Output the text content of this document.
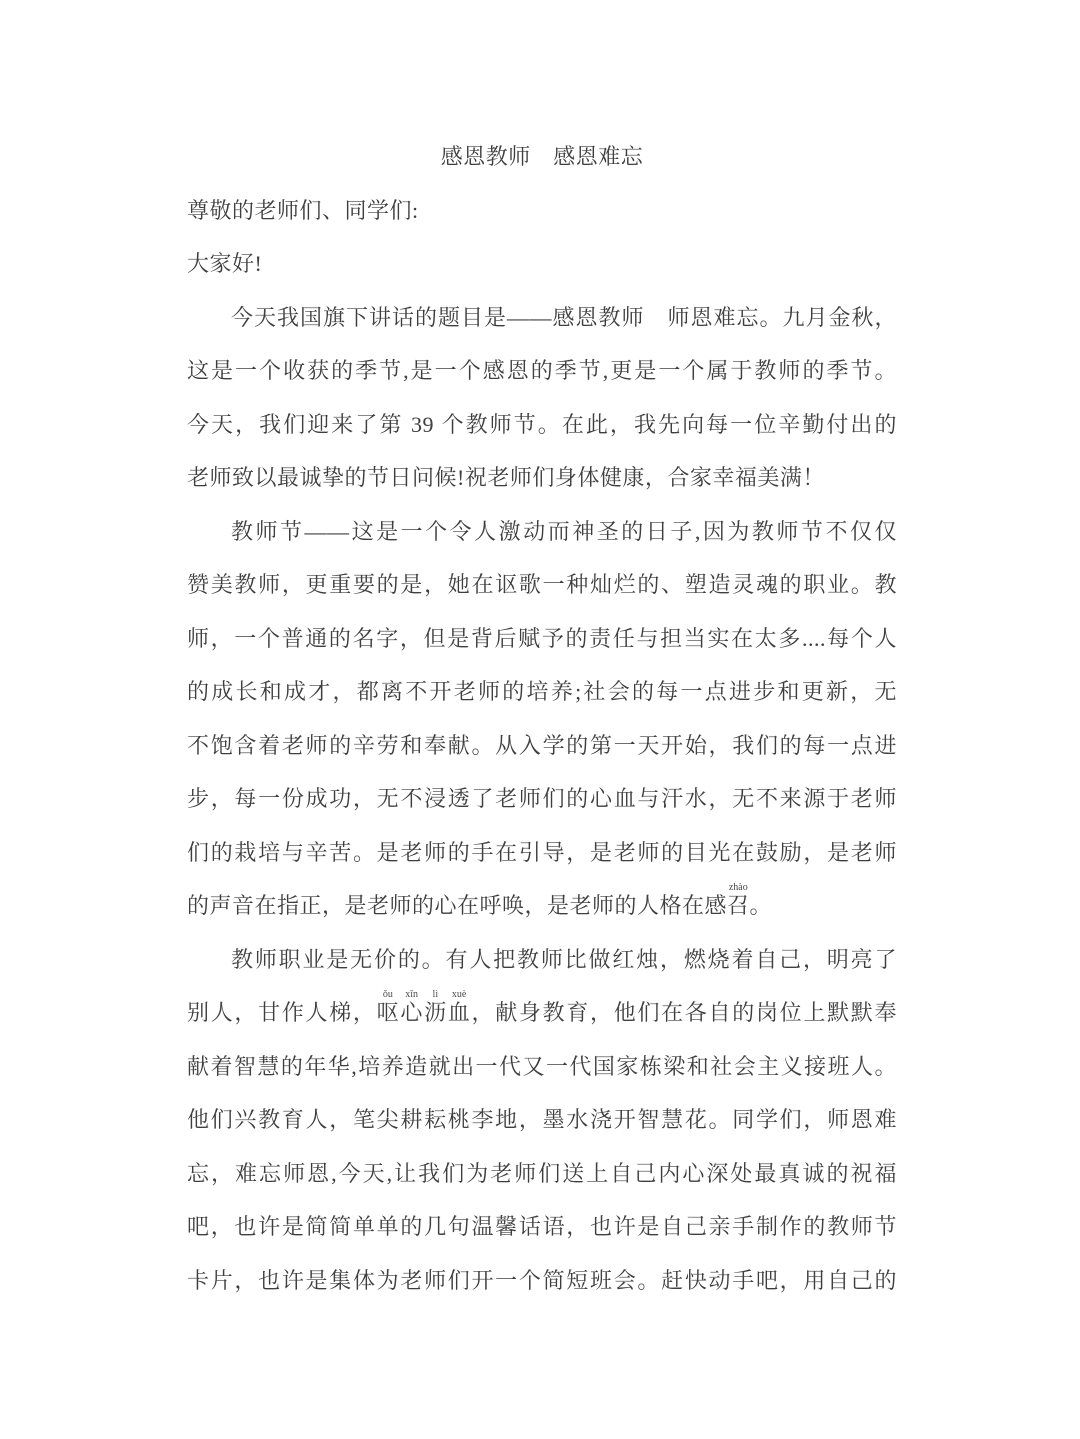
感恩教师　感恩难忘
尊敬的老师们、同学们:
大家好!
今天我国旗下讲话的题目是——感恩教师　师恩难忘。九月金秋，
这是一个收获的季节,是一个感恩的季节,更是一个属于教师的季节。
今天，我们迎来了第 39 个教师节。在此，我先向每一位辛勤付出的
老师致以最诚挚的节日问候!祝老师们身体健康，合家幸福美满！
教师节——这是一个令人激动而神圣的日子,因为教师节不仅仅
赞美教师，更重要的是，她在讴歌一种灿烂的、塑造灵魂的职业。教
师，一个普通的名字，但是背后赋予的责任与担当实在太多....每个人
的成长和成才，都离不开老师的培养;社会的每一点进步和更新，无
不饱含着老师的辛劳和奉献。从入学的第一天开始，我们的每一点进
步，每一份成功，无不浸透了老师们的心血与汗水，无不来源于老师
们的栽培与辛苦。是老师的手在引导，是老师的目光在鼓励，是老师
的声音在指正，是老师的心在呼唤，是老师的人格在感召zhào。
教师职业是无价的。有人把教师比做红烛，燃烧着自己，明亮了
别人，甘作人梯，呕ǒu心xīn沥lì血xuè，献身教育，他们在各自的岗位上默默奉
献着智慧的年华,培养造就出一代又一代国家栋梁和社会主义接班人。
他们兴教育人，笔尖耕耘桃李地，墨水浇开智慧花。同学们，师恩难
忘，难忘师恩,今天,让我们为老师们送上自己内心深处最真诚的祝福
吧，也许是简简单单的几句温馨话语，也许是自己亲手制作的教师节
卡片，也许是集体为老师们开一个简短班会。赶快动手吧，用自己的
